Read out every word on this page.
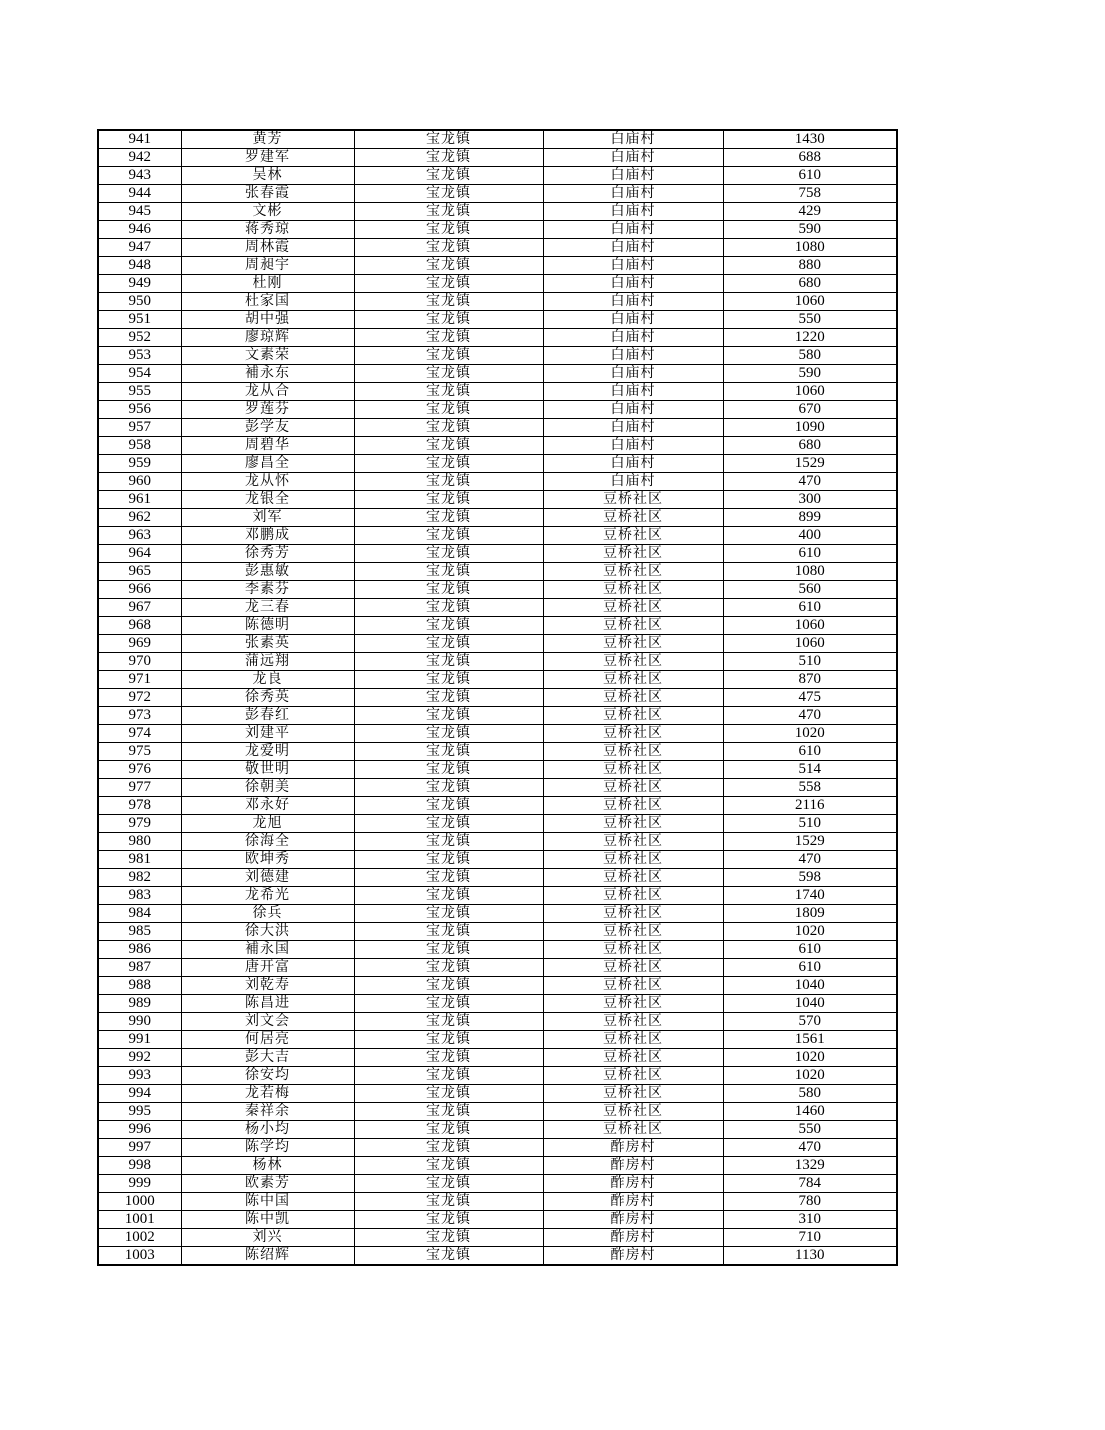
941	黄芳	宝龙镇	白庙村	1430
942	罗建军	宝龙镇	白庙村	688
943	吴林	宝龙镇	白庙村	610
944	张春霞	宝龙镇	白庙村	758
945	文彬	宝龙镇	白庙村	429
946	蒋秀琼	宝龙镇	白庙村	590
947	周林霞	宝龙镇	白庙村	1080
948	周昶宇	宝龙镇	白庙村	880
949	杜刚	宝龙镇	白庙村	680
950	杜家国	宝龙镇	白庙村	1060
951	胡中强	宝龙镇	白庙村	550
952	廖琼辉	宝龙镇	白庙村	1220
953	文素荣	宝龙镇	白庙村	580
954	補永东	宝龙镇	白庙村	590
955	龙从合	宝龙镇	白庙村	1060
956	罗莲芬	宝龙镇	白庙村	670
957	彭学友	宝龙镇	白庙村	1090
958	周碧华	宝龙镇	白庙村	680
959	廖昌全	宝龙镇	白庙村	1529
960	龙从怀	宝龙镇	白庙村	470
961	龙银全	宝龙镇	豆桥社区	300
962	刘军	宝龙镇	豆桥社区	899
963	邓鹏成	宝龙镇	豆桥社区	400
964	徐秀芳	宝龙镇	豆桥社区	610
965	彭惠敏	宝龙镇	豆桥社区	1080
966	李素芬	宝龙镇	豆桥社区	560
967	龙三春	宝龙镇	豆桥社区	610
968	陈德明	宝龙镇	豆桥社区	1060
969	张素英	宝龙镇	豆桥社区	1060
970	蒲远翔	宝龙镇	豆桥社区	510
971	龙良	宝龙镇	豆桥社区	870
972	徐秀英	宝龙镇	豆桥社区	475
973	彭春红	宝龙镇	豆桥社区	470
974	刘建平	宝龙镇	豆桥社区	1020
975	龙爱明	宝龙镇	豆桥社区	610
976	敬世明	宝龙镇	豆桥社区	514
977	徐朝美	宝龙镇	豆桥社区	558
978	邓永好	宝龙镇	豆桥社区	2116
979	龙旭	宝龙镇	豆桥社区	510
980	徐海全	宝龙镇	豆桥社区	1529
981	欧坤秀	宝龙镇	豆桥社区	470
982	刘德建	宝龙镇	豆桥社区	598
983	龙希光	宝龙镇	豆桥社区	1740
984	徐兵	宝龙镇	豆桥社区	1809
985	徐大洪	宝龙镇	豆桥社区	1020
986	補永国	宝龙镇	豆桥社区	610
987	唐开富	宝龙镇	豆桥社区	610
988	刘乾寿	宝龙镇	豆桥社区	1040
989	陈昌进	宝龙镇	豆桥社区	1040
990	刘文会	宝龙镇	豆桥社区	570
991	何居亮	宝龙镇	豆桥社区	1561
992	彭大吉	宝龙镇	豆桥社区	1020
993	徐安均	宝龙镇	豆桥社区	1020
994	龙若梅	宝龙镇	豆桥社区	580
995	秦祥余	宝龙镇	豆桥社区	1460
996	杨小均	宝龙镇	豆桥社区	550
997	陈学均	宝龙镇	酢房村	470
998	杨林	宝龙镇	酢房村	1329
999	欧素芳	宝龙镇	酢房村	784
1000	陈中国	宝龙镇	酢房村	780
1001	陈中凯	宝龙镇	酢房村	310
1002	刘兴	宝龙镇	酢房村	710
1003	陈绍辉	宝龙镇	酢房村	1130
